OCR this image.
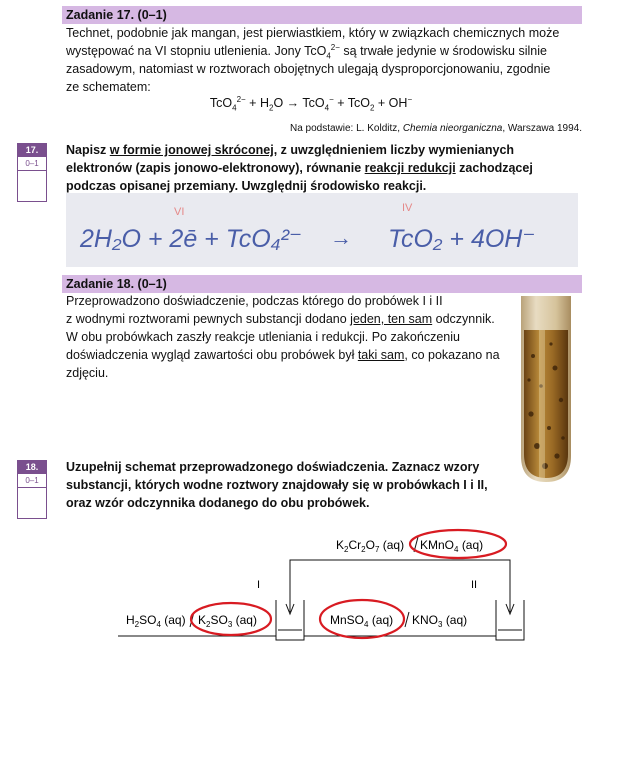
Zadanie 17. (0–1)

Technet, podobnie jak mangan, jest pierwiastkiem, który w związkach chemicznych może

występować na VI stopniu utlenienia. Jony TcO$_4^{2-}$ są trwałe jedynie w środowisku silnie

zasadowym, natomiast w roztworach obojętnych ulegają dysproporcjonowaniu, zgodnie

ze schematem:

$TcO_4^{2-} + H_2O \to TcO_4^- + TcO_2 + OH^-$
Na podstawie: L. Kolditz, Chemia nieorganiczna, Warszawa 1994.
17.
0–1

Napisz w formie jonowej skróconej, z uwzględnieniem liczby wymienianych

elektronów (zapis jonowo-elektronowy), równanie reakcji redukcji zachodzącej

podczas opisanej przemiany. Uwzględnij środowisko reakcji.

VI	IV
2H₂O + 2ē + TcO₄²⁻ → TcO₂ + 4OH⁻
Zadanie 18. (0–1)

Przeprowadzono doświadczenie, podczas którego do probówek I i II

z wodnymi roztworami pewnych substancji dodano jeden, ten sam odczynnik.

W obu probówkach zaszły reakcje utleniania i redukcji. Po zakończeniu

doświadczenia wygląd zawartości obu probówek był taki sam, co pokazano na

zdjęciu.

18.
0–1

Uzupełnij schemat przeprowadzonego doświadczenia. Zaznacz wzory

substancji, których wodne roztwory znajdowały się w probówkach I i II,

oraz wzór odczynnika dodanego do obu probówek.

$K_2Cr_2O_7$ (aq) KMnO$_4$ (aq)
I	II
$H_2SO_4$ (aq) $K_2SO_3$ (aq)	MnSO$_4$ (aq) $KNO_3$ (aq)
